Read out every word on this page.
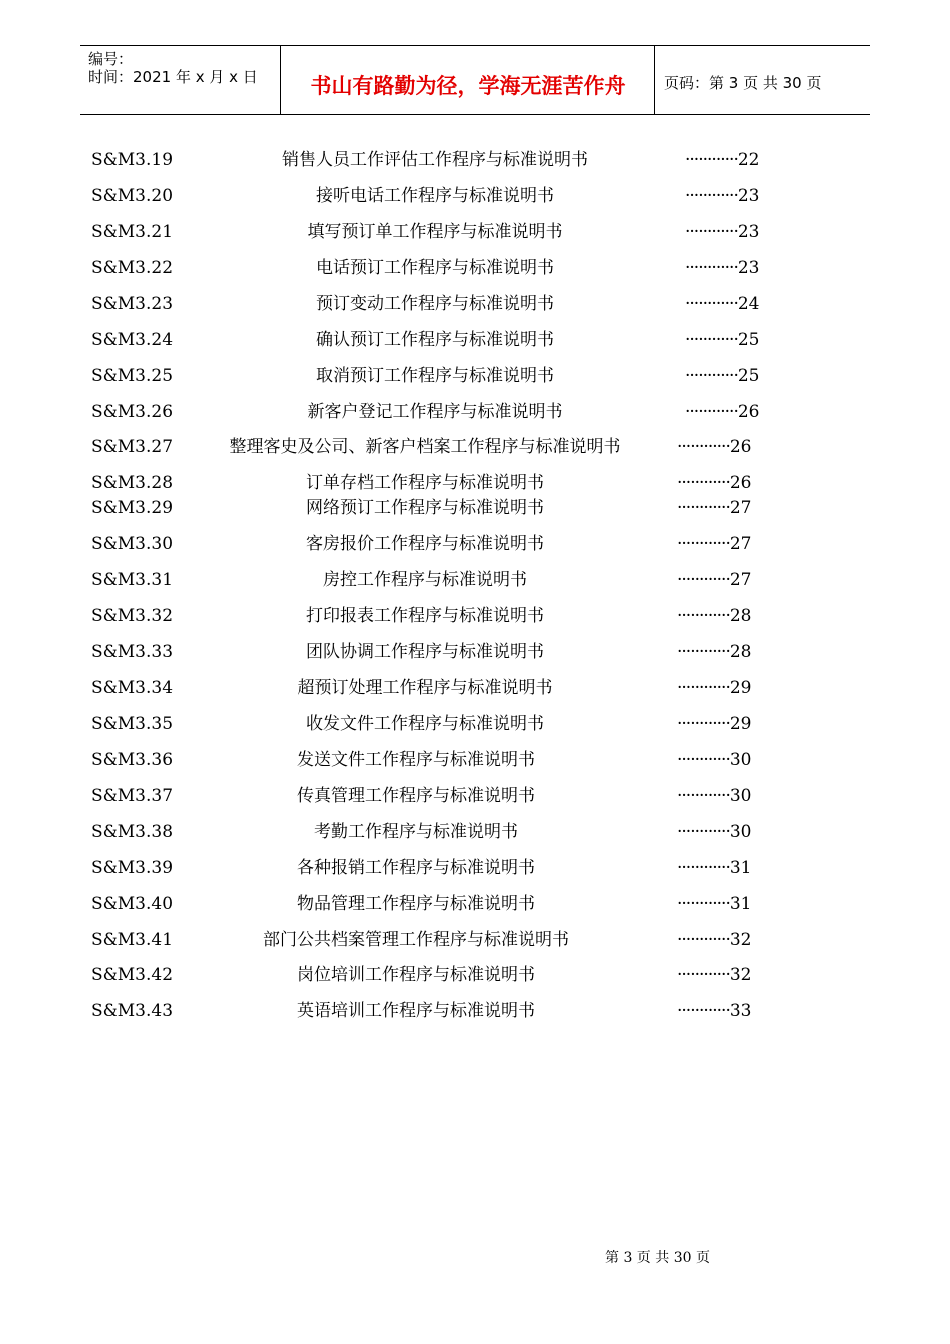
编号：
时间：2021 年 x 月 x 日	书山有路勤为径，学海无涯苦作舟	页码：第 3 页 共 30 页
S&M3.19	销售人员工作评估工作程序与标准说明书	············22
S&M3.20	接听电话工作程序与标准说明书	············23
S&M3.21	填写预订单工作程序与标准说明书	············23
S&M3.22	电话预订工作程序与标准说明书	············23
S&M3.23	预订变动工作程序与标准说明书	············24
S&M3.24	确认预订工作程序与标准说明书	············25
S&M3.25	取消预订工作程序与标准说明书	············25
S&M3.26	新客户登记工作程序与标准说明书	············26
S&M3.27	整理客史及公司、新客户档案工作程序与标准说明书	············26
S&M3.28	订单存档工作程序与标准说明书	············26
S&M3.29	网络预订工作程序与标准说明书	············27
S&M3.30	客房报价工作程序与标准说明书	············27
S&M3.31	房控工作程序与标准说明书	············27
S&M3.32	打印报表工作程序与标准说明书	············28
S&M3.33	团队协调工作程序与标准说明书	············28
S&M3.34	超预订处理工作程序与标准说明书	············29
S&M3.35	收发文件工作程序与标准说明书	············29
S&M3.36	发送文件工作程序与标准说明书	············30
S&M3.37	传真管理工作程序与标准说明书	············30
S&M3.38	考勤工作程序与标准说明书	············30
S&M3.39	各种报销工作程序与标准说明书	············31
S&M3.40	物品管理工作程序与标准说明书	············31
S&M3.41	部门公共档案管理工作程序与标准说明书	············32
S&M3.42	岗位培训工作程序与标准说明书	············32
S&M3.43	英语培训工作程序与标准说明书	············33
第 3 页 共 30 页
